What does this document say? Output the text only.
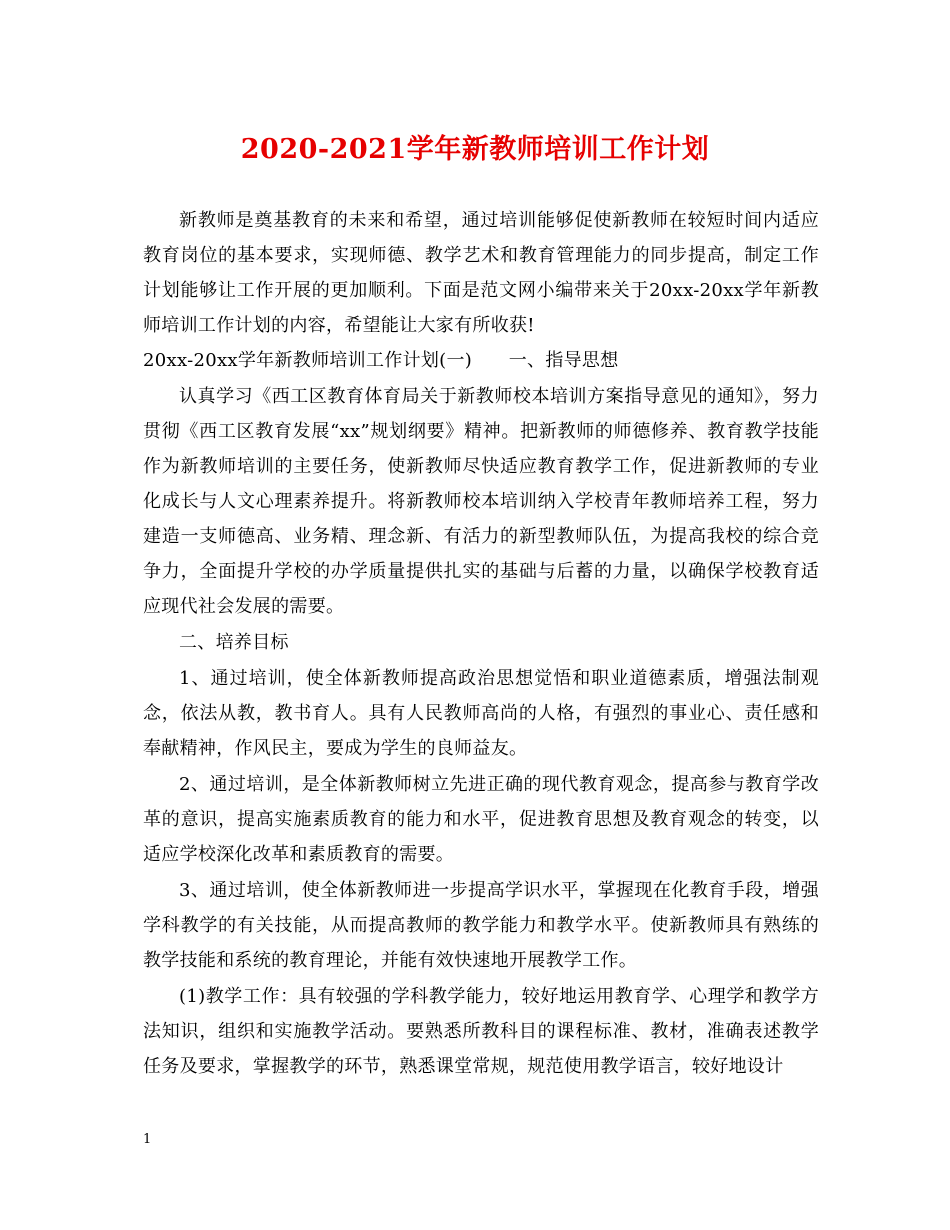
2020-2021学年新教师培训工作计划

新教师是奠基教育的未来和希望，通过培训能够促使新教师在较短时间内适应教育岗位的基本要求，实现师德、教学艺术和教育管理能力的同步提高，制定工作计划能够让工作开展的更加顺利。下面是范文网小编带来关于20xx-20xx学年新教师培训工作计划的内容，希望能让大家有所收获!

20xx-20xx学年新教师培训工作计划(一)　　一、指导思想

认真学习《西工区教育体育局关于新教师校本培训方案指导意见的通知》，努力贯彻《西工区教育发展“xx”规划纲要》精神。把新教师的师德修养、教育教学技能作为新教师培训的主要任务，使新教师尽快适应教育教学工作，促进新教师的专业化成长与人文心理素养提升。将新教师校本培训纳入学校青年教师培养工程，努力建造一支师德高、业务精、理念新、有活力的新型教师队伍，为提高我校的综合竞争力，全面提升学校的办学质量提供扎实的基础与后蓄的力量，以确保学校教育适应现代社会发展的需要。

二、培养目标

1、通过培训，使全体新教师提高政治思想觉悟和职业道德素质，增强法制观念，依法从教，教书育人。具有人民教师高尚的人格，有强烈的事业心、责任感和奉献精神，作风民主，要成为学生的良师益友。

2、通过培训，是全体新教师树立先进正确的现代教育观念，提高参与教育学改革的意识，提高实施素质教育的能力和水平，促进教育思想及教育观念的转变，以适应学校深化改革和素质教育的需要。

3、通过培训，使全体新教师进一步提高学识水平，掌握现在化教育手段，增强学科教学的有关技能，从而提高教师的教学能力和教学水平。使新教师具有熟练的教学技能和系统的教育理论，并能有效快速地开展教学工作。

(1)教学工作：具有较强的学科教学能力，较好地运用教育学、心理学和教学方法知识，组织和实施教学活动。要熟悉所教科目的课程标准、教材，准确表述教学任务及要求，掌握教学的环节，熟悉课堂常规，规范使用教学语言，较好地设计

1
